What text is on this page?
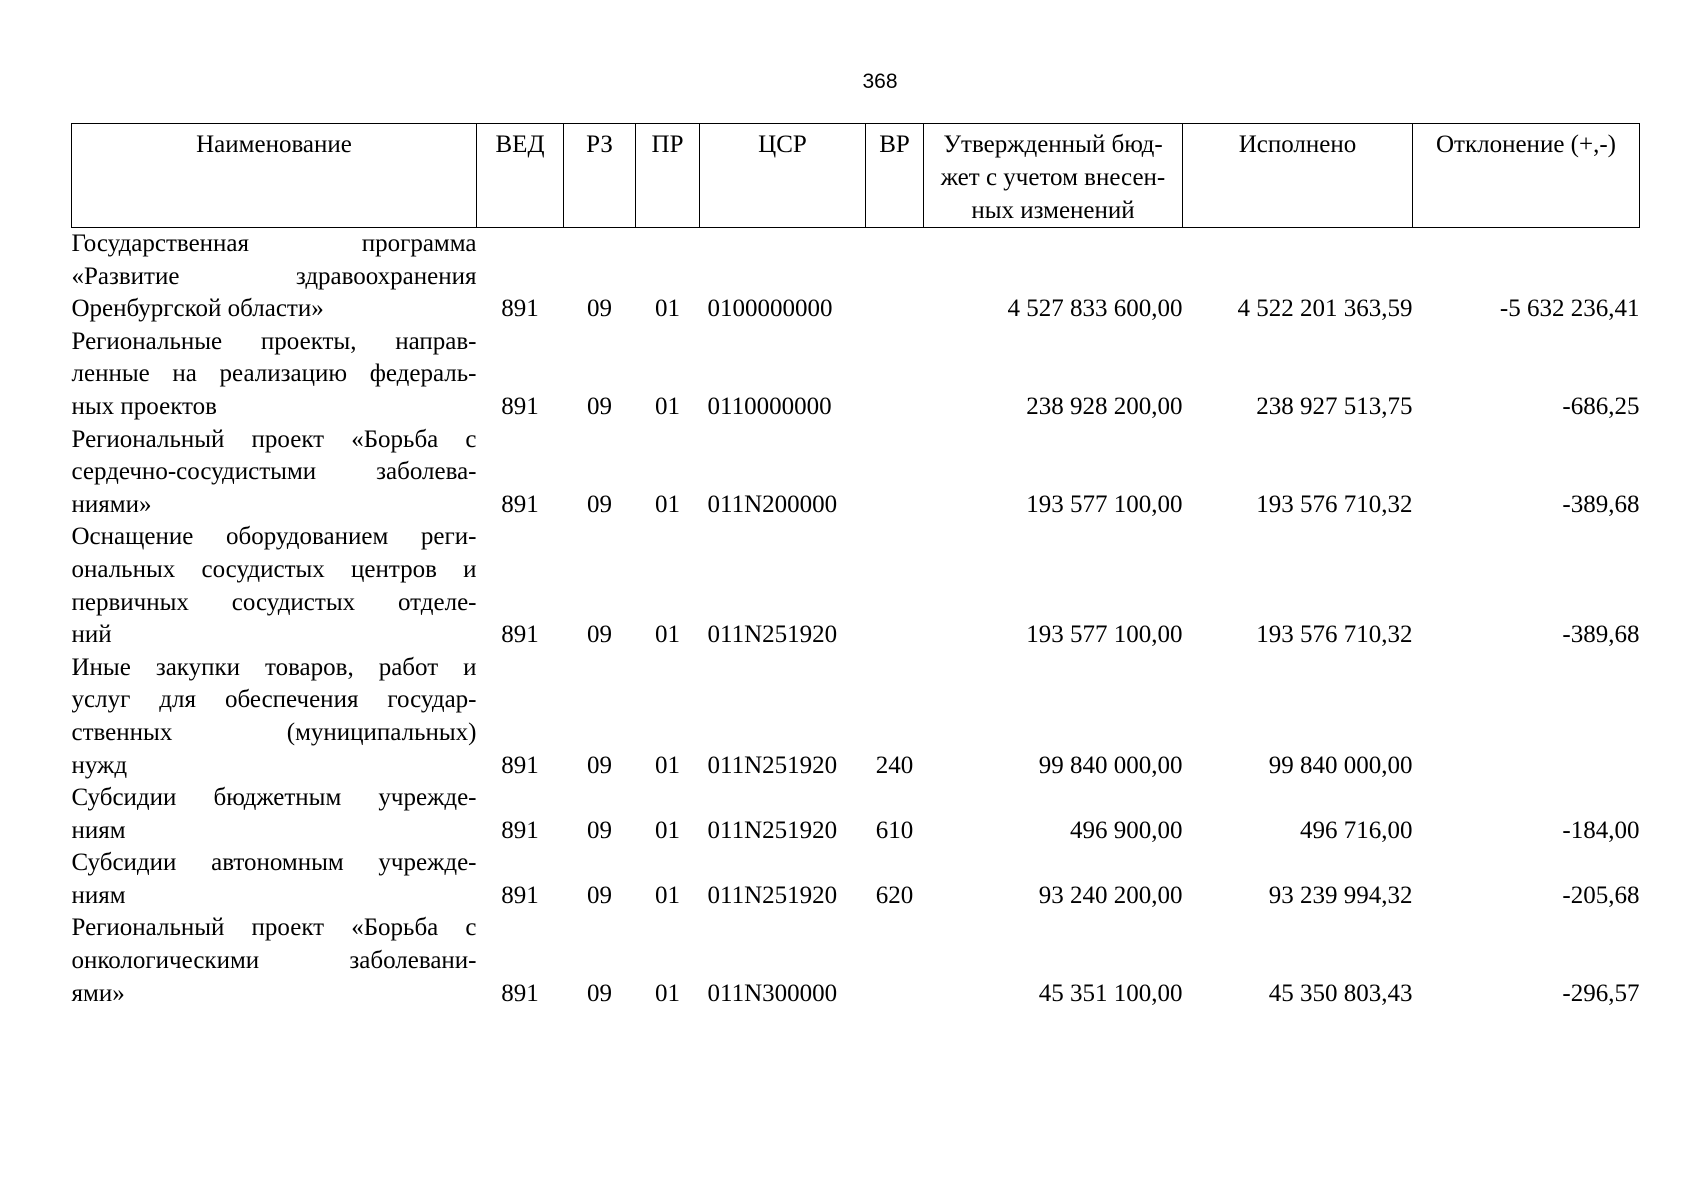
368
Наименование	ВЕД	РЗ	ПР	ЦСР	ВР	Утвержденный бюд-жет с учетом внесен-ных изменений	Исполнено	Отклонение (+,-)

Государственная программа
«Развитие здравоохранения
Оренбургской области»	891	09	01	0100000000		4 527 833 600,00	4 522 201 363,59	-5 632 236,41

Региональные проекты, направ-
ленные на реализацию федераль-
ных проектов	891	09	01	0110000000		238 928 200,00	238 927 513,75	-686,25

Региональный проект «Борьба с
сердечно-сосудистыми заболева-
ниями»	891	09	01	011N200000		193 577 100,00	193 576 710,32	-389,68

Оснащение оборудованием реги-
ональных сосудистых центров и
первичных сосудистых отделе-
ний	891	09	01	011N251920		193 577 100,00	193 576 710,32	-389,68

Иные закупки товаров, работ и
услуг для обеспечения государ-
ственных (муниципальных)
нужд	891	09	01	011N251920	240	99 840 000,00	99 840 000,00	

Субсидии бюджетным учрежде-
ниям	891	09	01	011N251920	610	496 900,00	496 716,00	-184,00

Субсидии автономным учрежде-
ниям	891	09	01	011N251920	620	93 240 200,00	93 239 994,32	-205,68

Региональный проект «Борьба с
онкологическими заболевани-
ями»	891	09	01	011N300000		45 351 100,00	45 350 803,43	-296,57
